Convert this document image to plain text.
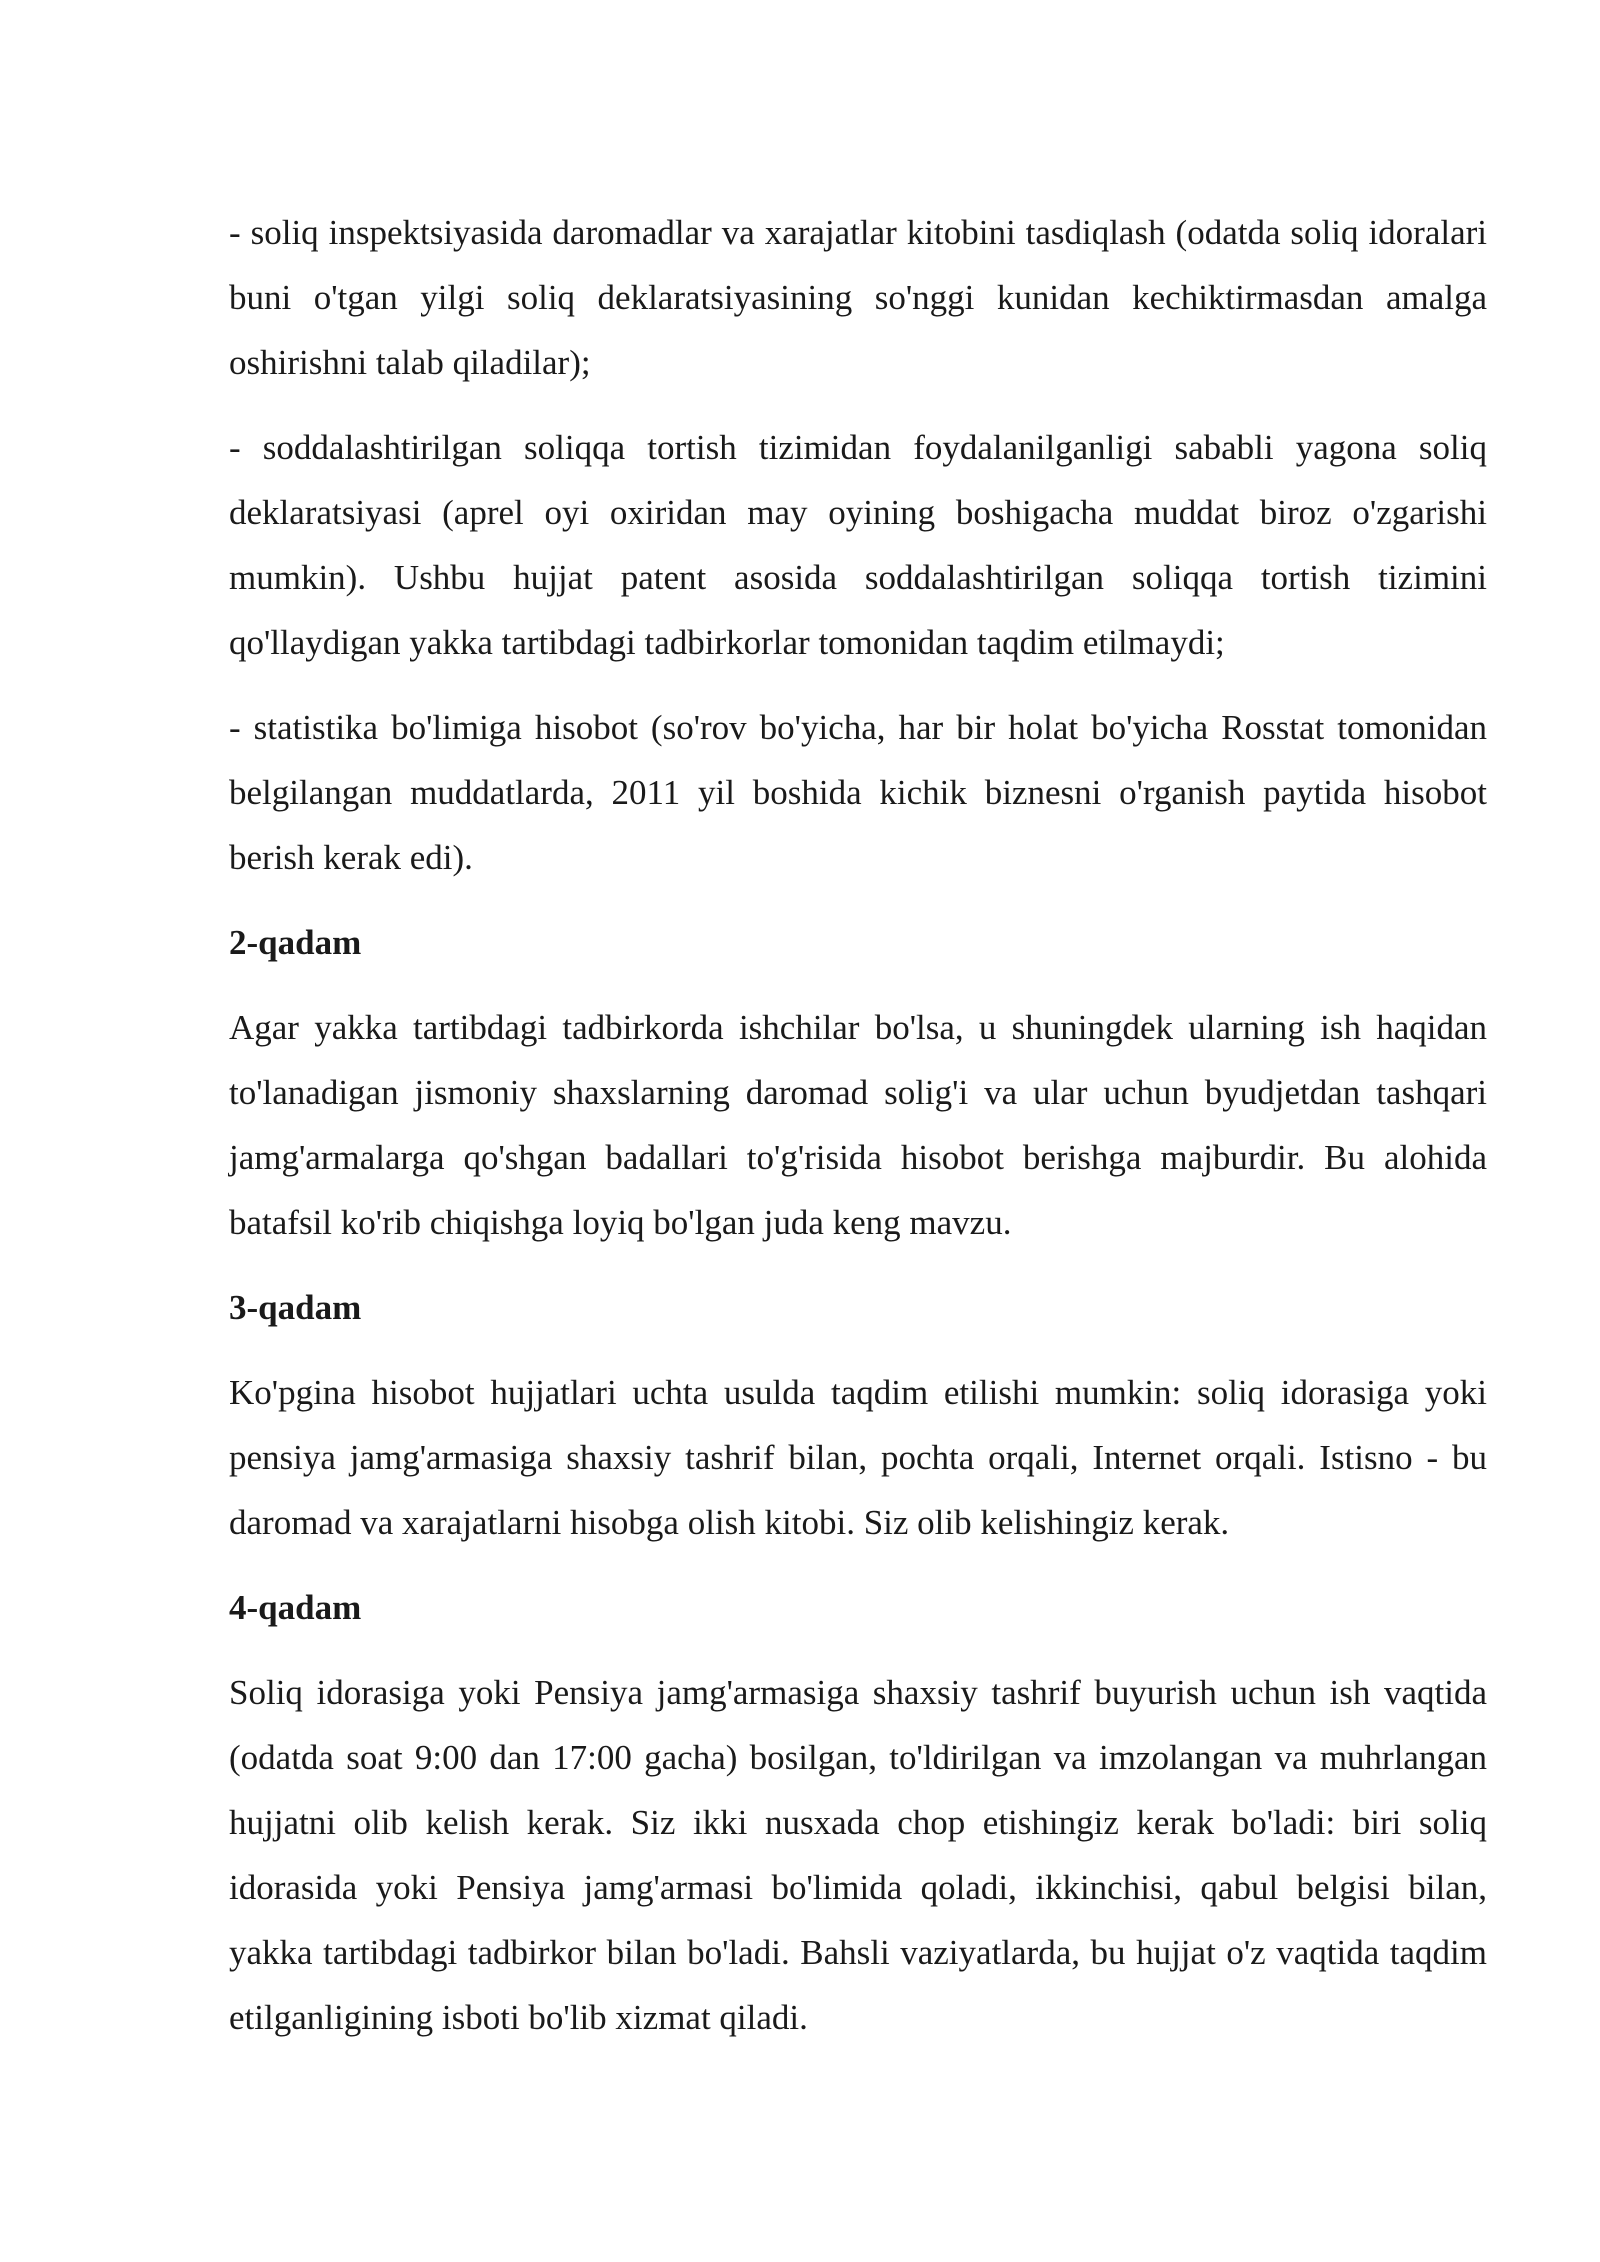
- soliq inspektsiyasida daromadlar va xarajatlar kitobini tasdiqlash (odatda soliq idoralari buni o'tgan yilgi soliq deklaratsiyasining so'nggi kunidan kechiktirmasdan amalga oshirishni talab qiladilar);

- soddalashtirilgan soliqqa tortish tizimidan foydalanilganligi sababli yagona soliq deklaratsiyasi (aprel oyi oxiridan may oyining boshigacha muddat biroz o'zgarishi mumkin). Ushbu hujjat patent asosida soddalashtirilgan soliqqa tortish tizimini qo'llaydigan yakka tartibdagi tadbirkorlar tomonidan taqdim etilmaydi;

- statistika bo'limiga hisobot (so'rov bo'yicha, har bir holat bo'yicha Rosstat tomonidan belgilangan muddatlarda, 2011 yil boshida kichik biznesni o'rganish paytida hisobot berish kerak edi).

2-qadam

Agar yakka tartibdagi tadbirkorda ishchilar bo'lsa, u shuningdek ularning ish haqidan to'lanadigan jismoniy shaxslarning daromad solig'i va ular uchun byudjetdan tashqari jamg'armalarga qo'shgan badallari to'g'risida hisobot berishga majburdir. Bu alohida batafsil ko'rib chiqishga loyiq bo'lgan juda keng mavzu.

3-qadam

Ko'pgina hisobot hujjatlari uchta usulda taqdim etilishi mumkin: soliq idorasiga yoki pensiya jamg'armasiga shaxsiy tashrif bilan, pochta orqali, Internet orqali. Istisno - bu daromad va xarajatlarni hisobga olish kitobi. Siz olib kelishingiz kerak.

4-qadam

Soliq idorasiga yoki Pensiya jamg'armasiga shaxsiy tashrif buyurish uchun ish vaqtida (odatda soat 9:00 dan 17:00 gacha) bosilgan, to'ldirilgan va imzolangan va muhrlangan hujjatni olib kelish kerak. Siz ikki nusxada chop etishingiz kerak bo'ladi: biri soliq idorasida yoki Pensiya jamg'armasi bo'limida qoladi, ikkinchisi, qabul belgisi bilan, yakka tartibdagi tadbirkor bilan bo'ladi. Bahsli vaziyatlarda, bu hujjat o'z vaqtida taqdim etilganligining isboti bo'lib xizmat qiladi.
